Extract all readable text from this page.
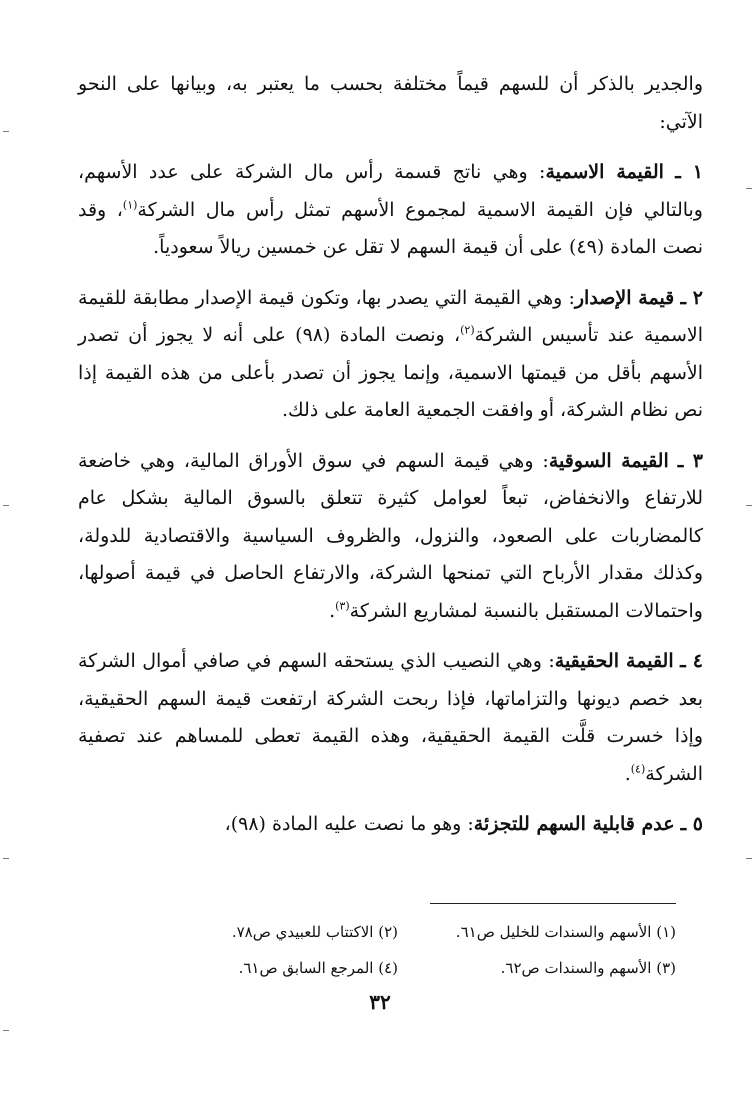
والجدير بالذكر أن للسهم قيماً مختلفة بحسب ما يعتبر به، وبيانها على النحو الآتي:

١ ـ القيمة الاسمية: وهي ناتج قسمة رأس مال الشركة على عدد الأسهم، وبالتالي فإن القيمة الاسمية لمجموع الأسهم تمثل رأس مال الشركة$^{(١)}$، وقد نصت المادة (٤٩) على أن قيمة السهم لا تقل عن خمسين ريالاً سعودياً.

٢ ـ قيمة الإصدار: وهي القيمة التي يصدر بها، وتكون قيمة الإصدار مطابقة للقيمة الاسمية عند تأسيس الشركة$^{(٢)}$، ونصت المادة (٩٨) على أنه لا يجوز أن تصدر الأسهم بأقل من قيمتها الاسمية، وإنما يجوز أن تصدر بأعلى من هذه القيمة إذا نص نظام الشركة، أو وافقت الجمعية العامة على ذلك.

٣ ـ القيمة السوقية: وهي قيمة السهم في سوق الأوراق المالية، وهي خاضعة للارتفاع والانخفاض، تبعاً لعوامل كثيرة تتعلق بالسوق المالية بشكل عام كالمضاربات على الصعود، والنزول، والظروف السياسية والاقتصادية للدولة، وكذلك مقدار الأرباح التي تمنحها الشركة، والارتفاع الحاصل في قيمة أصولها، واحتمالات المستقبل بالنسبة لمشاريع الشركة$^{(٣)}$.

٤ ـ القيمة الحقيقية: وهي النصيب الذي يستحقه السهم في صافي أموال الشركة بعد خصم ديونها والتزاماتها، فإذا ربحت الشركة ارتفعت قيمة السهم الحقيقية، وإذا خسرت قلَّت القيمة الحقيقية، وهذه القيمة تعطى للمساهم عند تصفية الشركة$^{(٤)}$.

٥ ـ عدم قابلية السهم للتجزئة: وهو ما نصت عليه المادة (٩٨)،

(١) الأسهم والسندات للخليل ص٦١.
(٢) الاكتتاب للعبيدي ص٧٨.
(٣) الأسهم والسندات ص٦٢.
(٤) المرجع السابق ص٦١.
٣٢
